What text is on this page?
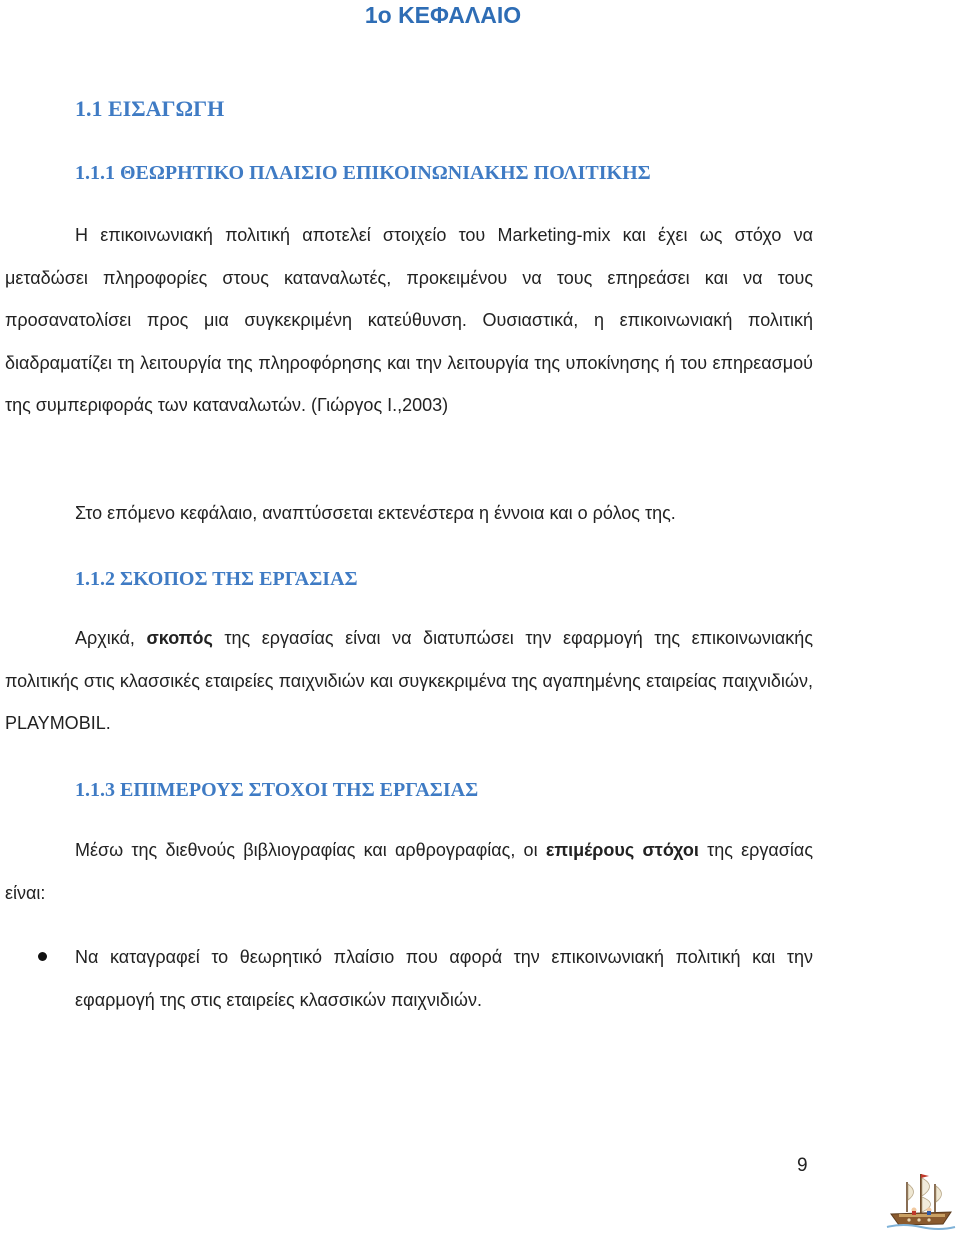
1ο ΚΕΦΑΛΑΙΟ
1.1 ΕΙΣΑΓΩΓΗ
1.1.1 ΘΕΩΡΗΤΙΚΟ ΠΛΑΙΣΙΟ ΕΠΙΚΟΙΝΩΝΙΑΚΗΣ ΠΟΛΙΤΙΚΗΣ

Η επικοινωνιακή πολιτική αποτελεί στοιχείο του Marketing-mix και έχει ως στόχο να μεταδώσει πληροφορίες στους καταναλωτές, προκειμένου να τους επηρεάσει και να τους προσανατολίσει προς μια συγκεκριμένη κατεύθυνση. Ουσιαστικά, η επικοινωνιακή πολιτική διαδραματίζει τη λειτουργία της πληροφόρησης και την λειτουργία της υποκίνησης ή του επηρεασμού της συμπεριφοράς των καταναλωτών. (Γιώργος Ι.,2003)

Στο επόμενο κεφάλαιο, αναπτύσσεται εκτενέστερα η έννοια και ο ρόλος της.

1.1.2 ΣΚΟΠΟΣ ΤΗΣ ΕΡΓΑΣΙΑΣ

Αρχικά, σκοπός της εργασίας είναι να διατυπώσει την εφαρμογή της επικοινωνιακής πολιτικής στις κλασσικές εταιρείες παιχνιδιών και συγκεκριμένα της αγαπημένης εταιρείας παιχνιδιών, PLAYMOBIL.

1.1.3 ΕΠΙΜΕΡΟΥΣ ΣΤΟΧΟΙ ΤΗΣ ΕΡΓΑΣΙΑΣ

Μέσω της διεθνούς βιβλιογραφίας και αρθρογραφίας, οι επιμέρους στόχοι της εργασίας είναι:

Να καταγραφεί το θεωρητικό πλαίσιο που αφορά την επικοινωνιακή πολιτική και την εφαρμογή της στις εταιρείες κλασσικών παιχνιδιών.
9
